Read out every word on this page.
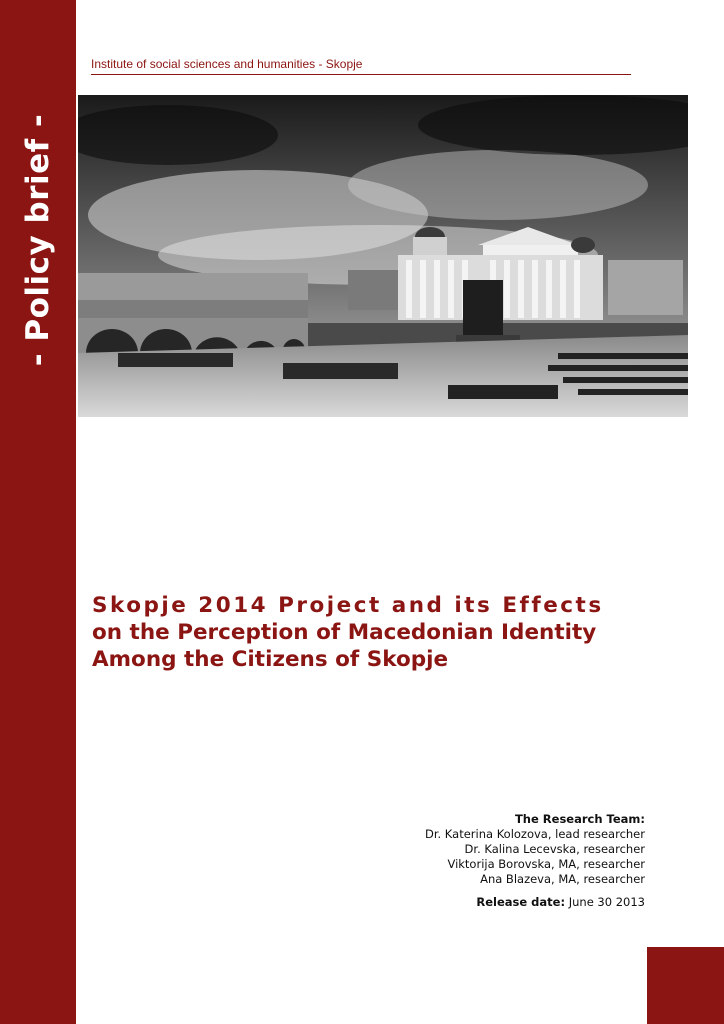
- Policy brief -
Institute of social sciences and humanities - Skopje
Skopje 2014 Project and its Effects
on the Perception of Macedonian Identity
Among the Citizens of Skopje
The Research Team:
Dr. Katerina Kolozova, lead researcher
Dr. Kalina Lecevska, researcher
Viktorija Borovska, MA, researcher
Ana Blazeva, MA, researcher
Release date: June 30 2013
